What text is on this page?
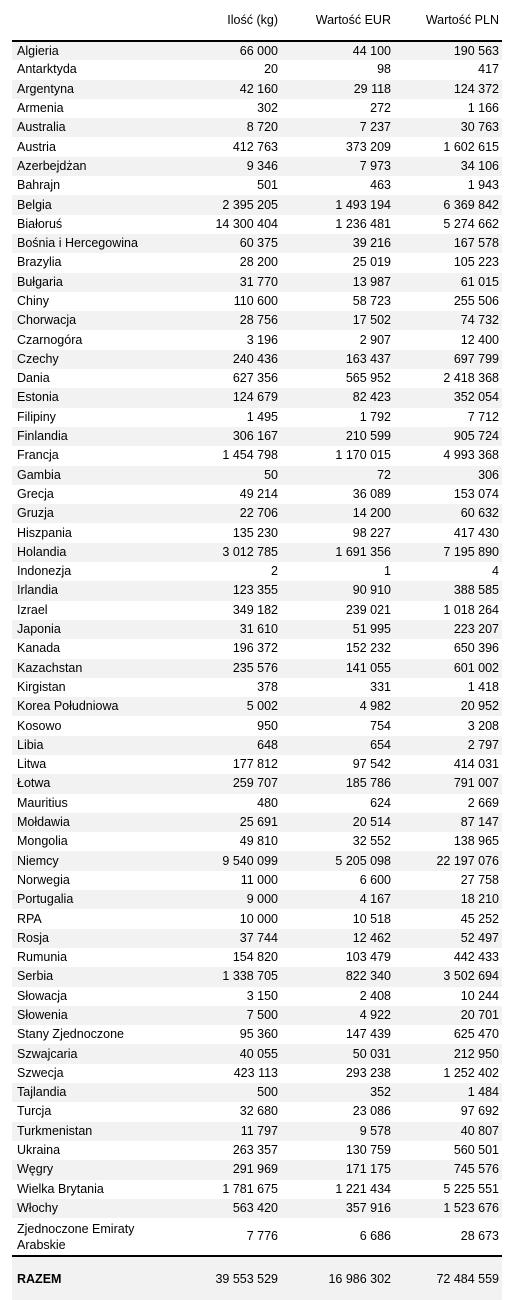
	Ilość (kg)	Wartość EUR	Wartość PLN
Algieria	66 000	44 100	190 563
Antarktyda	20	98	417
Argentyna	42 160	29 118	124 372
Armenia	302	272	1 166
Australia	8 720	7 237	30 763
Austria	412 763	373 209	1 602 615
Azerbejdżan	9 346	7 973	34 106
Bahrajn	501	463	1 943
Belgia	2 395 205	1 493 194	6 369 842
Białoruś	14 300 404	1 236 481	5 274 662
Bośnia i Hercegowina	60 375	39 216	167 578
Brazylia	28 200	25 019	105 223
Bułgaria	31 770	13 987	61 015
Chiny	110 600	58 723	255 506
Chorwacja	28 756	17 502	74 732
Czarnogóra	3 196	2 907	12 400
Czechy	240 436	163 437	697 799
Dania	627 356	565 952	2 418 368
Estonia	124 679	82 423	352 054
Filipiny	1 495	1 792	7 712
Finlandia	306 167	210 599	905 724
Francja	1 454 798	1 170 015	4 993 368
Gambia	50	72	306
Grecja	49 214	36 089	153 074
Gruzja	22 706	14 200	60 632
Hiszpania	135 230	98 227	417 430
Holandia	3 012 785	1 691 356	7 195 890
Indonezja	2	1	4
Irlandia	123 355	90 910	388 585
Izrael	349 182	239 021	1 018 264
Japonia	31 610	51 995	223 207
Kanada	196 372	152 232	650 396
Kazachstan	235 576	141 055	601 002
Kirgistan	378	331	1 418
Korea Południowa	5 002	4 982	20 952
Kosowo	950	754	3 208
Libia	648	654	2 797
Litwa	177 812	97 542	414 031
Łotwa	259 707	185 786	791 007
Mauritius	480	624	2 669
Mołdawia	25 691	20 514	87 147
Mongolia	49 810	32 552	138 965
Niemcy	9 540 099	5 205 098	22 197 076
Norwegia	11 000	6 600	27 758
Portugalia	9 000	4 167	18 210
RPA	10 000	10 518	45 252
Rosja	37 744	12 462	52 497
Rumunia	154 820	103 479	442 433
Serbia	1 338 705	822 340	3 502 694
Słowacja	3 150	2 408	10 244
Słowenia	7 500	4 922	20 701
Stany Zjednoczone	95 360	147 439	625 470
Szwajcaria	40 055	50 031	212 950
Szwecja	423 113	293 238	1 252 402
Tajlandia	500	352	1 484
Turcja	32 680	23 086	97 692
Turkmenistan	11 797	9 578	40 807
Ukraina	263 357	130 759	560 501
Węgry	291 969	171 175	745 576
Wielka Brytania	1 781 675	1 221 434	5 225 551
Włochy	563 420	357 916	1 523 676
Zjednoczone Emiraty Arabskie	7 776	6 686	28 673
RAZEM	39 553 529	16 986 302	72 484 559
